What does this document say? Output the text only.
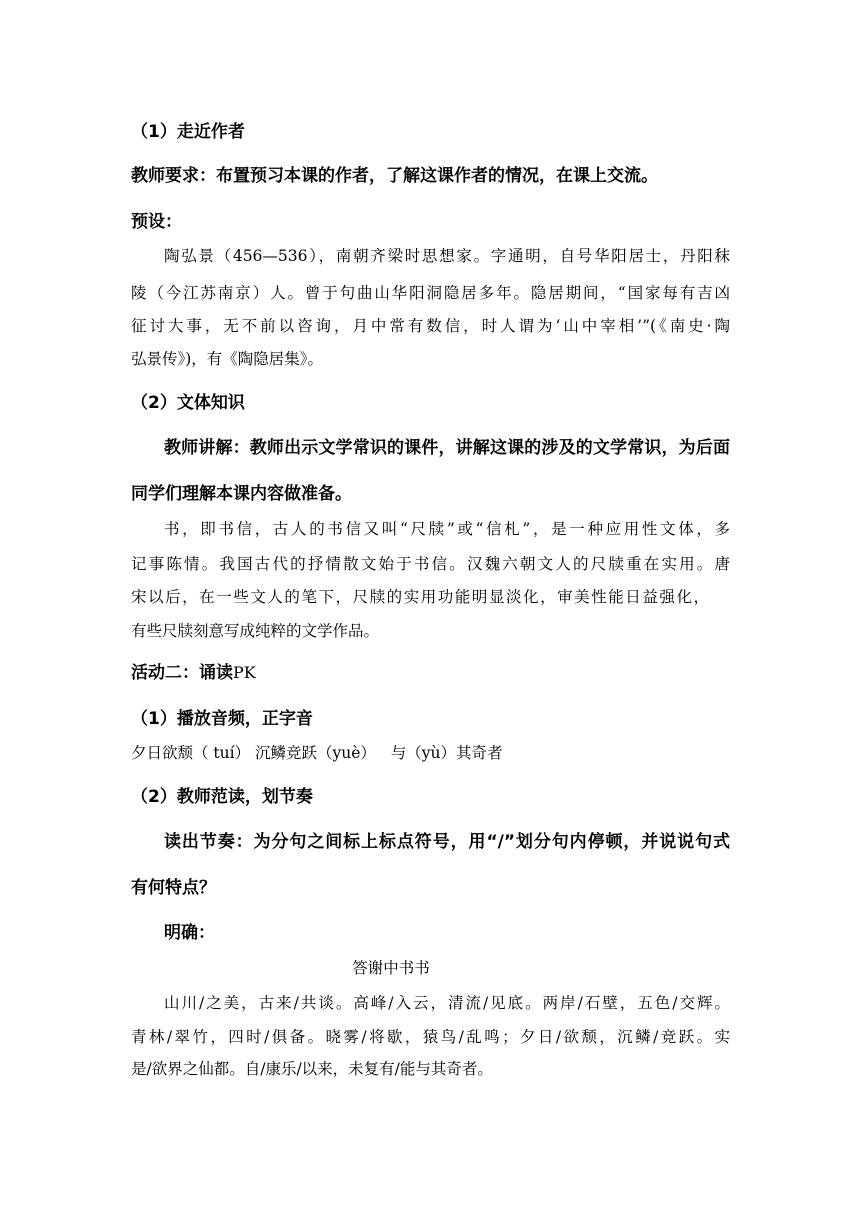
（1）走近作者
教师要求：布置预习本课的作者，了解这课作者的情况，在课上交流。
预设：
陶弘景（456—536），南朝齐梁时思想家。字通明，自号华阳居士，丹阳秣
陵（今江苏南京）人。曾于句曲山华阳洞隐居多年。隐居期间，“国家每有吉凶
征讨大事，无不前以咨询，月中常有数信，时人谓为‘山中宰相’”(《南史·陶
弘景传》)，有《陶隐居集》。
（2）文体知识
教师讲解：教师出示文学常识的课件，讲解这课的涉及的文学常识，为后面
同学们理解本课内容做准备。
书，即书信，古人的书信又叫“尺牍”或“信札”，是一种应用性文体，多
记事陈情。我国古代的抒情散文始于书信。汉魏六朝文人的尺牍重在实用。唐
宋以后，在一些文人的笔下，尺牍的实用功能明显淡化，审美性能日益强化，
有些尺牍刻意写成纯粹的文学作品。
活动二：诵读PK
（1）播放音频，正字音
夕日欲颓（ tuí） 沉鳞竞跃（yuè）   与（yù）其奇者
（2）教师范读，划节奏
读出节奏：为分句之间标上标点符号，用“/”划分句内停顿，并说说句式
有何特点？
明确：
答谢中书书
山川/之美，古来/共谈。高峰/入云，清流/见底。两岸/石壁，五色/交辉。
青林/翠竹，四时/俱备。晓雾/将歇，猿鸟/乱鸣；夕日/欲颓，沉鳞/竞跃。实
是/欲界之仙都。自/康乐/以来，未复有/能与其奇者。
